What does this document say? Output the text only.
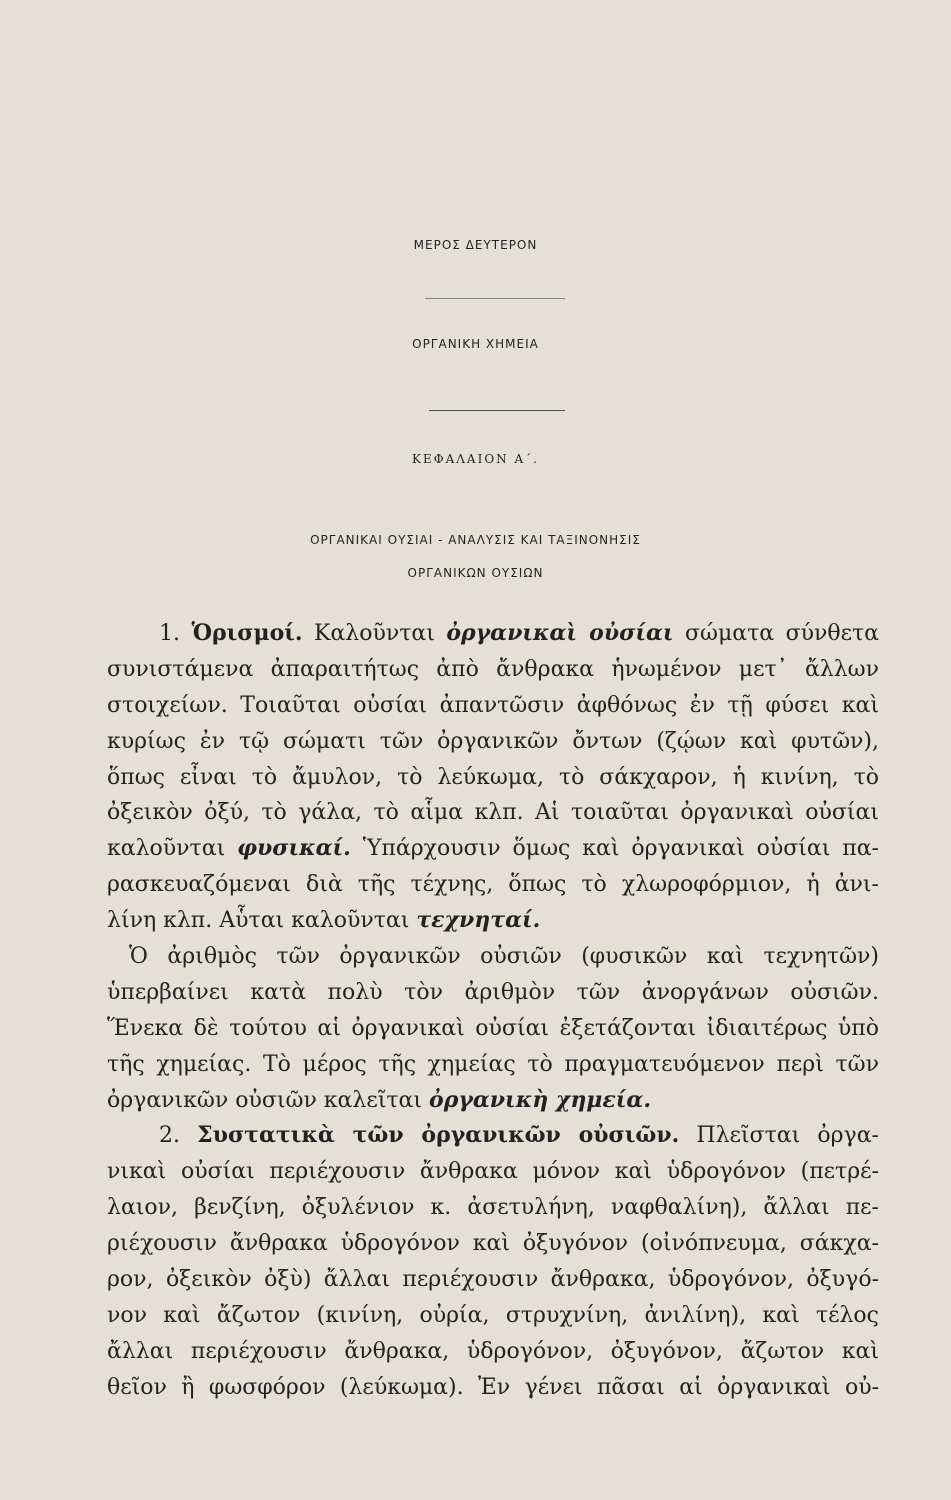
ΜΕΡΟΣ ΔΕΥΤΕΡΟΝ
ΟΡΓΑΝΙΚΗ ΧΗΜΕΙΑ
ΚΕΦΑΛΑΙΟΝ Α΄.
ΟΡΓΑΝΙΚΑΙ ΟΥΣΙΑΙ - ΑΝΑΛΥΣΙΣ ΚΑΙ ΤΑΞΙΝΟΝΗΣΙΣ
ΟΡΓΑΝΙΚΩΝ ΟΥΣΙΩΝ
1. Ὁρισμοί. Καλοῦνται ὀργανικαὶ οὐσίαι σώματα σύνθετα
συνιστάμενα ἀπαραιτήτως ἀπὸ ἄνθρακα ἡνωμένον μετ᾿ ἄλλων
στοιχείων. Τοιαῦται οὐσίαι ἀπαντῶσιν ἀφθόνως ἐν τῇ φύσει καὶ
κυρίως ἐν τῷ σώματι τῶν ὀργανικῶν ὄντων (ζῴων καὶ φυτῶν),
ὅπως εἶναι τὸ ἄμυλον, τὸ λεύκωμα, τὸ σάκχαρον, ἡ κινίνη, τὸ
ὀξεικὸν ὀξύ, τὸ γάλα, τὸ αἷμα κλπ. Αἱ τοιαῦται ὀργανικαὶ οὐσίαι
καλοῦνται φυσικαί. Ὑπάρχουσιν ὅμως καὶ ὀργανικαὶ οὐσίαι πα-
ρασκευαζόμεναι διὰ τῆς τέχνης, ὅπως τὸ χλωροφόρμιον, ἡ ἀνι-
λίνη κλπ. Αὗται καλοῦνται τεχνηταί.
Ὁ ἀριθμὸς τῶν ὀργανικῶν οὐσιῶν (φυσικῶν καὶ τεχνητῶν)
ὑπερβαίνει κατὰ πολὺ τὸν ἀριθμὸν τῶν ἀνοργάνων οὐσιῶν.
Ἕνεκα δὲ τούτου αἱ ὀργανικαὶ οὐσίαι ἐξετάζονται ἰδιαιτέρως ὑπὸ
τῆς χημείας. Τὸ μέρος τῆς χημείας τὸ πραγματευόμενον περὶ τῶν
ὀργανικῶν οὐσιῶν καλεῖται ὀργανικὴ χημεία.
2. Συστατικὰ τῶν ὀργανικῶν οὐσιῶν. Πλεῖσται ὀργα-
νικαὶ οὐσίαι περιέχουσιν ἄνθρακα μόνον καὶ ὑδρογόνον (πετρέ-
λαιον, βενζίνη, ὀξυλένιον κ. ἀσετυλήνη, ναφθαλίνη), ἄλλαι πε-
ριέχουσιν ἄνθρακα ὑδρογόνον καὶ ὀξυγόνον (οἰνόπνευμα, σάκχα-
ρον, ὀξεικὸν ὀξὺ) ἄλλαι περιέχουσιν ἄνθρακα, ὑδρογόνον, ὀξυγό-
νον καὶ ἄζωτον (κινίνη, οὐρία, στρυχνίνη, ἀνιλίνη), καὶ τέλος
ἄλλαι περιέχουσιν ἄνθρακα, ὑδρογόνον, ὀξυγόνον, ἄζωτον καὶ
θεῖον ἢ φωσφόρον (λεύκωμα). Ἐν γένει πᾶσαι αἱ ὀργανικαὶ οὐ-
